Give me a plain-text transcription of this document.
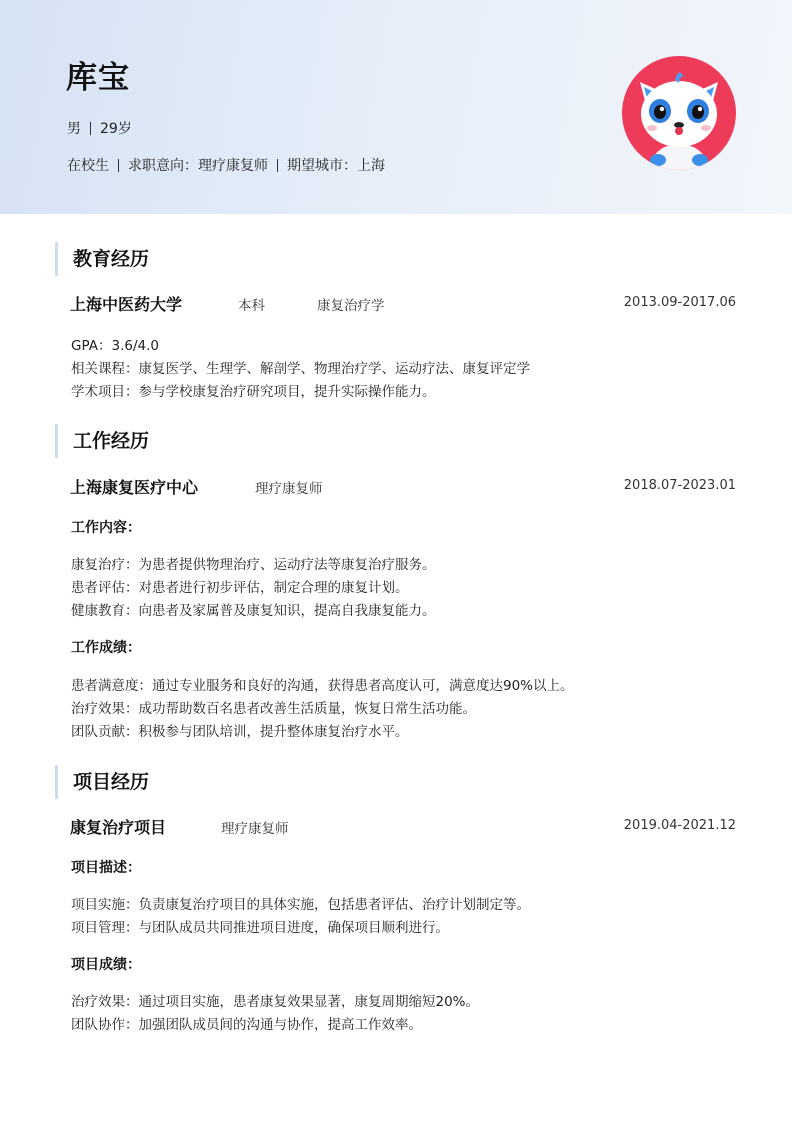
库宝
男 29岁
在校生 求职意向：理疗康复师 期望城市：上海
教育经历
上海中医药大学	本科	康复治疗学	2013.09-2017.06
GPA：3.6/4.0
相关课程：康复医学、生理学、解剖学、物理治疗学、运动疗法、康复评定学
学术项目：参与学校康复治疗研究项目，提升实际操作能力。
工作经历
上海康复医疗中心	理疗康复师	2018.07-2023.01
工作内容：
康复治疗：为患者提供物理治疗、运动疗法等康复治疗服务。
患者评估：对患者进行初步评估，制定合理的康复计划。
健康教育：向患者及家属普及康复知识，提高自我康复能力。
工作成绩：
患者满意度：通过专业服务和良好的沟通，获得患者高度认可，满意度达90%以上。
治疗效果：成功帮助数百名患者改善生活质量，恢复日常生活功能。
团队贡献：积极参与团队培训，提升整体康复治疗水平。
项目经历
康复治疗项目	理疗康复师	2019.04-2021.12
项目描述：
项目实施：负责康复治疗项目的具体实施，包括患者评估、治疗计划制定等。
项目管理：与团队成员共同推进项目进度，确保项目顺利进行。
项目成绩：
治疗效果：通过项目实施，患者康复效果显著，康复周期缩短20%。
团队协作：加强团队成员间的沟通与协作，提高工作效率。
